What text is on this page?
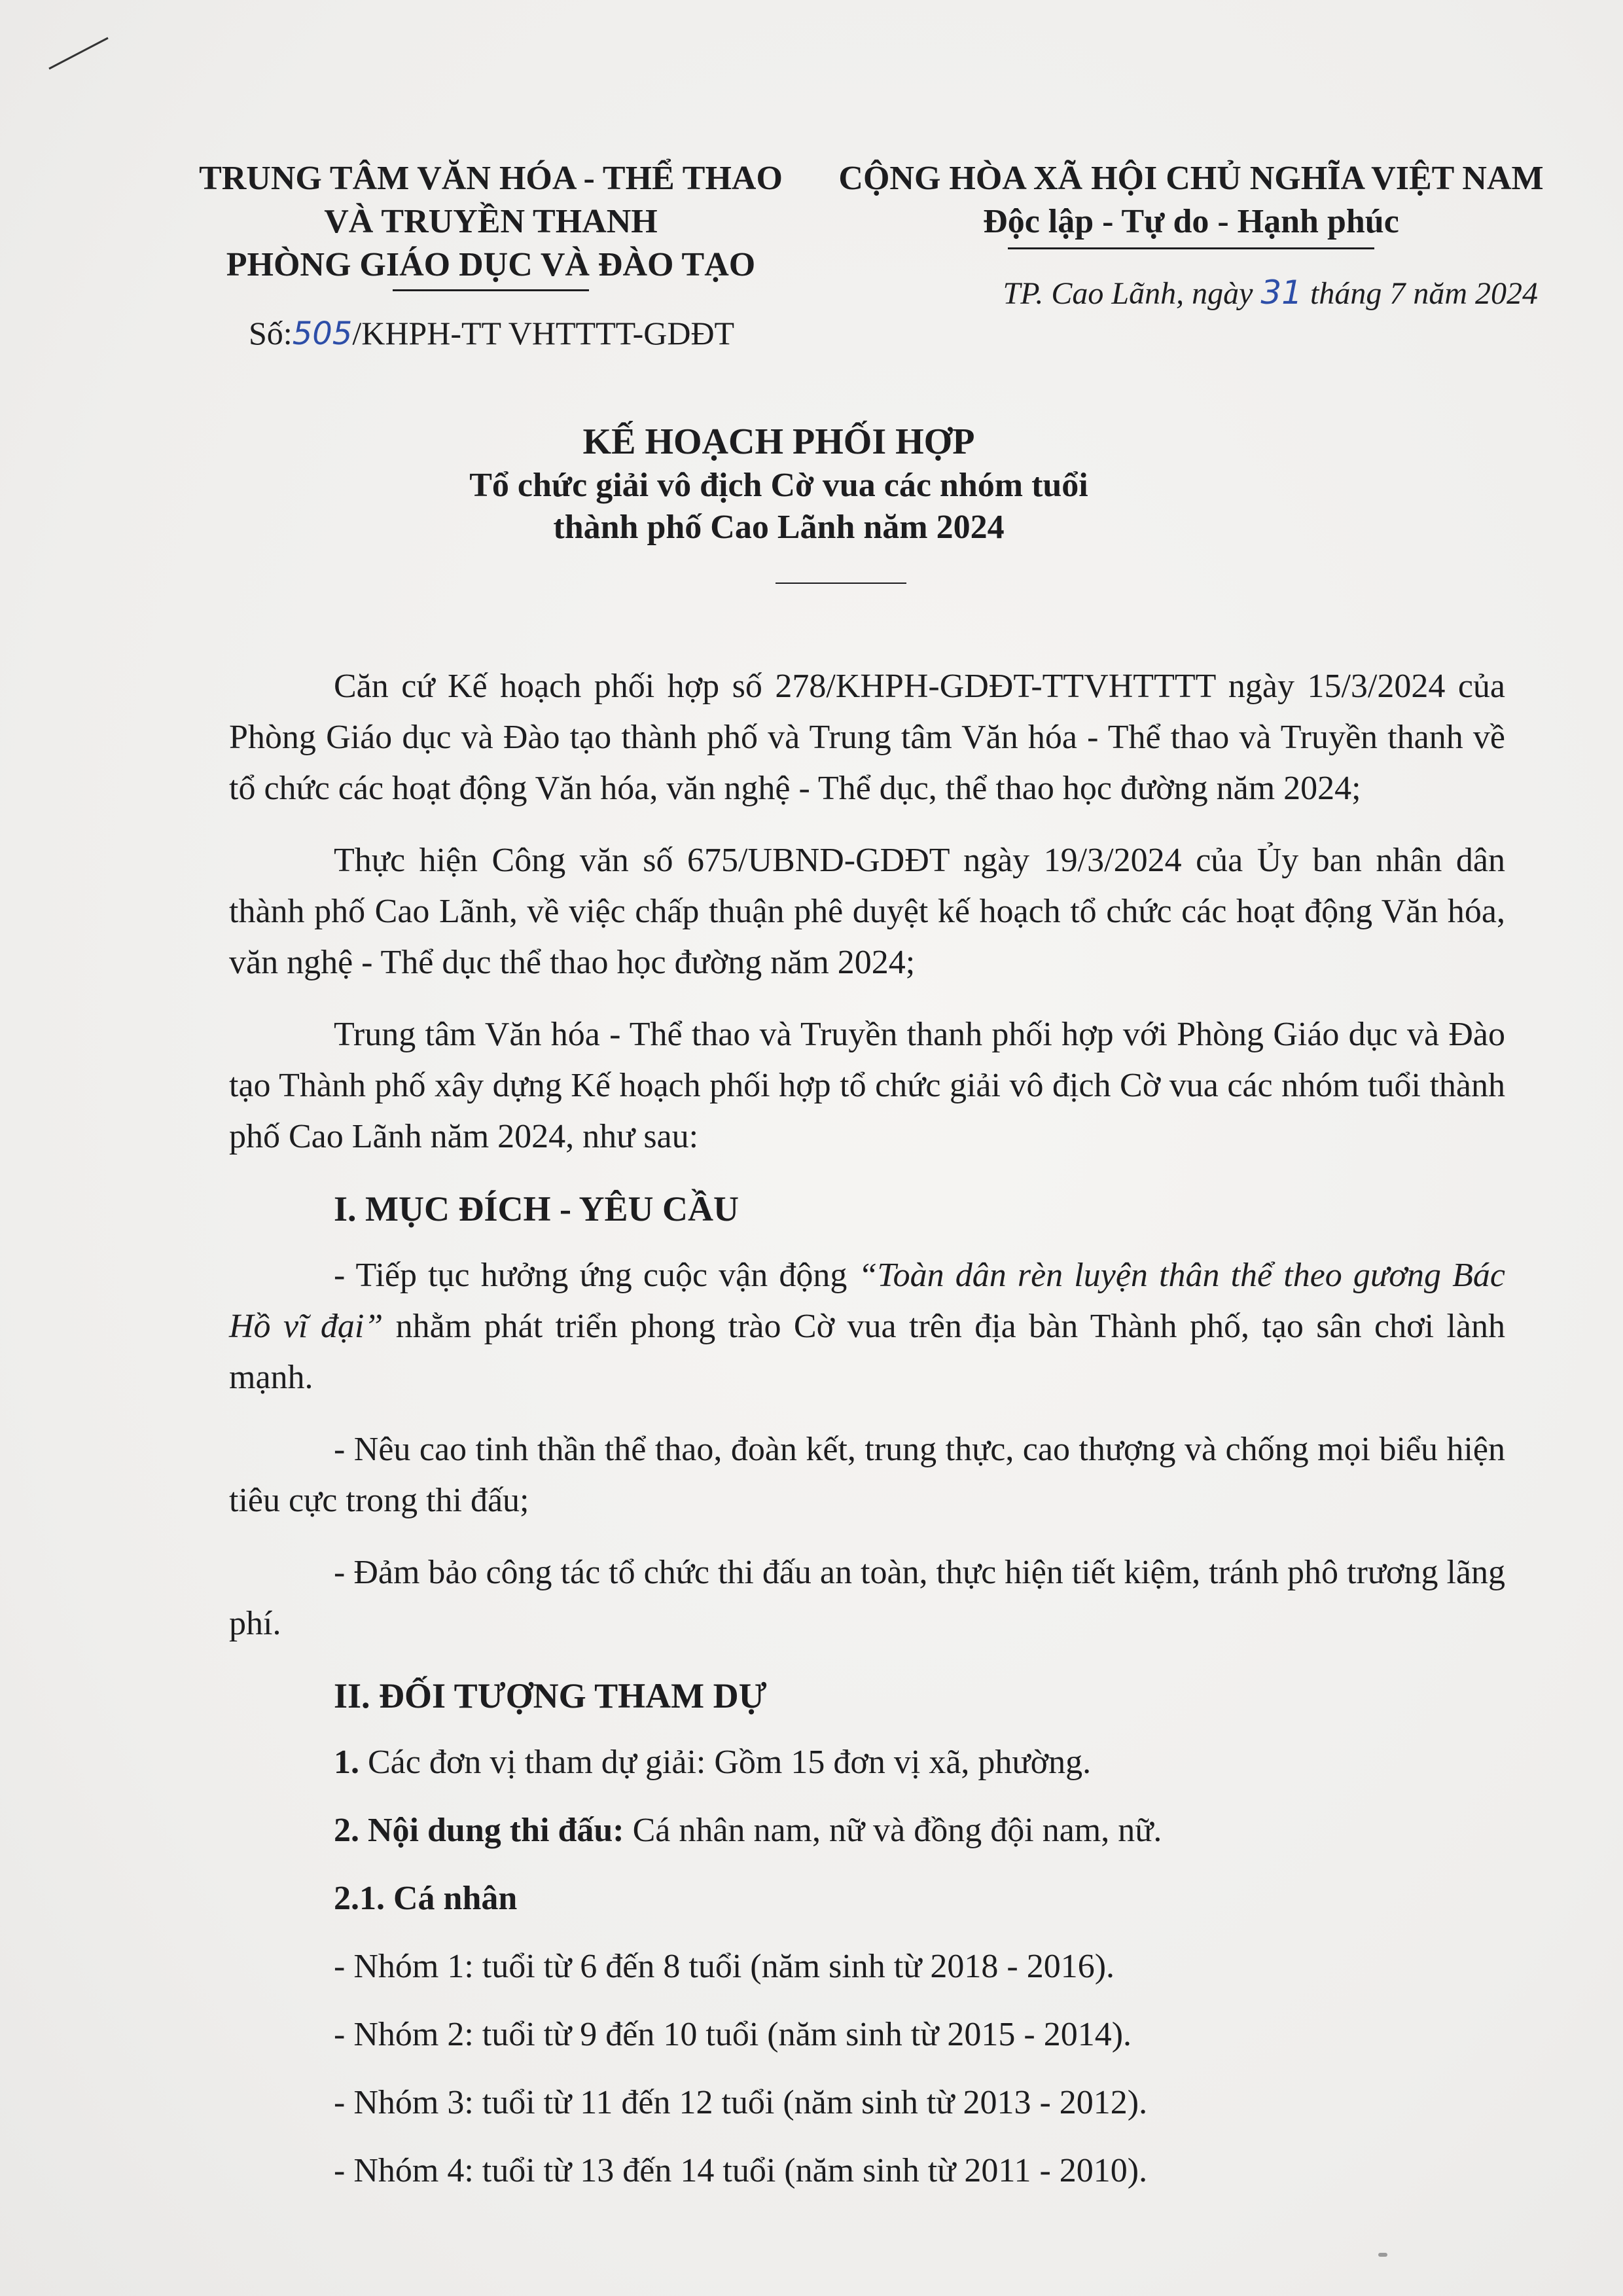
TRUNG TÂM VĂN HÓA - THỂ THAO
VÀ TRUYỀN THANH
PHÒNG GIÁO DỤC VÀ ĐÀO TẠO
CỘNG HÒA XÃ HỘI CHỦ NGHĨA VIỆT NAM
Độc lập - Tự do - Hạnh phúc
Số:505/KHPH-TT VHTTTT-GDĐT
TP. Cao Lãnh, ngày 31 tháng 7 năm 2024
KẾ HOẠCH PHỐI HỢP
Tổ chức giải vô địch Cờ vua các nhóm tuổi
thành phố Cao Lãnh năm 2024

Căn cứ Kế hoạch phối hợp số 278/KHPH-GDĐT-TTVHTTTT ngày 15/3/2024 của Phòng Giáo dục và Đào tạo thành phố và Trung tâm Văn hóa - Thể thao và Truyền thanh về tổ chức các hoạt động Văn hóa, văn nghệ - Thể dục, thể thao học đường năm 2024;

Thực hiện Công văn số 675/UBND-GDĐT ngày 19/3/2024 của Ủy ban nhân dân thành phố Cao Lãnh, về việc chấp thuận phê duyệt kế hoạch tổ chức các hoạt động Văn hóa, văn nghệ - Thể dục thể thao học đường năm 2024;

Trung tâm Văn hóa - Thể thao và Truyền thanh phối hợp với Phòng Giáo dục và Đào tạo Thành phố xây dựng Kế hoạch phối hợp tổ chức giải vô địch Cờ vua các nhóm tuổi thành phố Cao Lãnh năm 2024, như sau:

I. MỤC ĐÍCH - YÊU CẦU

- Tiếp tục hưởng ứng cuộc vận động “Toàn dân rèn luyện thân thể theo gương Bác Hồ vĩ đại” nhằm phát triển phong trào Cờ vua trên địa bàn Thành phố, tạo sân chơi lành mạnh.

- Nêu cao tinh thần thể thao, đoàn kết, trung thực, cao thượng và chống mọi biểu hiện tiêu cực trong thi đấu;

- Đảm bảo công tác tổ chức thi đấu an toàn, thực hiện tiết kiệm, tránh phô trương lãng phí.

II. ĐỐI TƯỢNG THAM DỰ

1. Các đơn vị tham dự giải: Gồm 15 đơn vị xã, phường.

2. Nội dung thi đấu: Cá nhân nam, nữ và đồng đội nam, nữ.

2.1. Cá nhân

- Nhóm 1: tuổi từ 6 đến 8 tuổi (năm sinh từ 2018 - 2016).

- Nhóm 2: tuổi từ 9 đến 10 tuổi (năm sinh từ 2015 - 2014).

- Nhóm 3: tuổi từ 11 đến 12 tuổi (năm sinh từ 2013 - 2012).

- Nhóm 4: tuổi từ 13 đến 14 tuổi (năm sinh từ 2011 - 2010).
